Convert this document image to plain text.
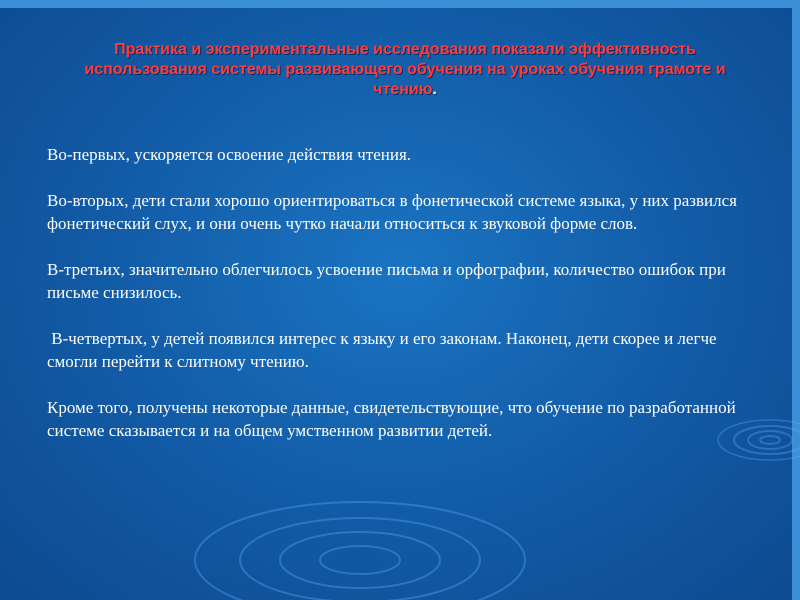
Практика и экспериментальные исследования показали эффективность использования системы развивающего обучения на уроках обучения грамоте и чтению.

Во-первых, ускоряется освоение действия чтения.

Во-вторых, дети стали хорошо ориентироваться в фонетической системе языка, у них развился фонетический слух, и они очень чутко начали относиться к звуковой форме слов.

В-третьих, значительно облегчилось усвоение письма и орфографии, количество ошибок при письме снизилось.

В-четвертых, у детей появился интерес к языку и его законам. Наконец, дети скорее и легче смогли перейти к слитному чтению.

Кроме того, получены некоторые данные, свидетельствующие, что обучение по разработанной системе сказывается и на общем умственном развитии детей.
